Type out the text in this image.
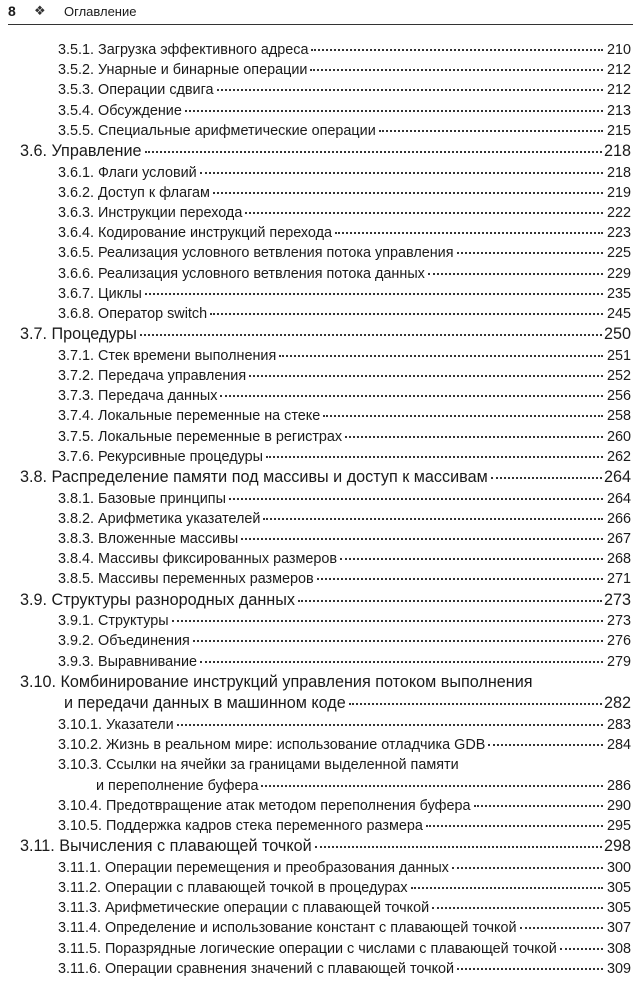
8 ❖ Оглавление
3.5.1. Загрузка эффективного адреса	210
3.5.2. Унарные и бинарные операции	212
3.5.3. Операции сдвига	212
3.5.4. Обсуждение	213
3.5.5. Специальные арифметические операции	215
3.6. Управление	218
3.6.1. Флаги условий	218
3.6.2. Доступ к флагам	219
3.6.3. Инструкции перехода	222
3.6.4. Кодирование инструкций перехода	223
3.6.5. Реализация условного ветвления потока управления	225
3.6.6. Реализация условного ветвления потока данных	229
3.6.7. Циклы	235
3.6.8. Оператор switch	245
3.7. Процедуры	250
3.7.1. Стек времени выполнения	251
3.7.2. Передача управления	252
3.7.3. Передача данных	256
3.7.4. Локальные переменные на стеке	258
3.7.5. Локальные переменные в регистрах	260
3.7.6. Рекурсивные процедуры	262
3.8. Распределение памяти под массивы и доступ к массивам	264
3.8.1. Базовые принципы	264
3.8.2. Арифметика указателей	266
3.8.3. Вложенные массивы	267
3.8.4. Массивы фиксированных размеров	268
3.8.5. Массивы переменных размеров	271
3.9. Структуры разнородных данных	273
3.9.1. Структуры	273
3.9.2. Объединения	276
3.9.3. Выравнивание	279
3.10. Комбинирование инструкций управления потоком выполнения
и передачи данных в машинном коде	282
3.10.1. Указатели	283
3.10.2. Жизнь в реальном мире: использование отладчика GDB	284
3.10.3. Ссылки на ячейки за границами выделенной памяти
и переполнение буфера	286
3.10.4. Предотвращение атак методом переполнения буфера	290
3.10.5. Поддержка кадров стека переменного размера	295
3.11. Вычисления с плавающей точкой	298
3.11.1. Операции перемещения и преобразования данных	300
3.11.2. Операции с плавающей точкой в процедурах	305
3.11.3. Арифметические операции с плавающей точкой	305
3.11.4. Определение и использование констант с плавающей точкой	307
3.11.5. Поразрядные логические операции с числами с плавающей точкой	308
3.11.6. Операции сравнения значений с плавающей точкой	309
